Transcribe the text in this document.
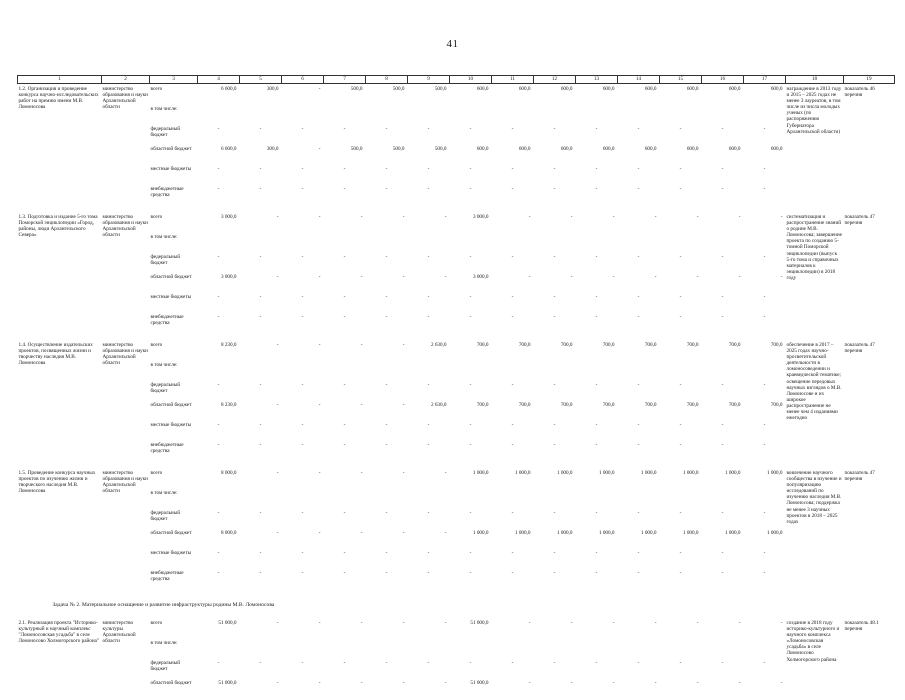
41
1	2	3	4	5	6	7	8	9	10	11	12	13	14	15	16	17	18	19
1.2. Организация и проведение конкурса научно-исследовательских работ на премию имени М.В. Ломоносова	министерство образования и науки Архангельской области	всего	6 600,0	300,0	-	500,0	500,0	500,0	600,0	600,0	600,0	600,0	600,0	600,0	600,0	600,0	награждение в 2013 году и 2015 – 2025 годах не менее 3 лауреатов, в том числе из числа молодых ученых (по распоряжению Губернатора Архангельской области)	показатель 46 перечня
		в том числе:																
		федеральный бюджет	-	-	-	-	-	-	-	-	-	-	-	-	-	-		
		областной бюджет	6 600,0	300,0	-	500,0	500,0	500,0	600,0	600,0	600,0	600,0	600,0	600,0	600,0	600,0		
		местные бюджеты	-	-	-	-	-	-	-	-	-	-	-	-	-	-		
		внебюджетные средства	-	-	-	-	-	-	-	-	-	-	-	-	-	-		
1.3. Подготовка и издание 5-го тома Поморской энциклопедии «Город, районы, люди Архангельского Севера»	министерство образования и науки Архангельской области	всего	3 000,0	-	-	-	-	-	3 000,0	-	-	-	-	-	-	-	систематизация и распространение знаний о родине М.В. Ломоносова; завершение проекта по созданию 5-томной Поморской энциклопедии (выпуск 5-го тома и справочных материалов к энциклопедии) в 2018 году	показатель 47 перечня
		в том числе:																
		федеральный бюджет	-	-	-	-	-	-	-	-	-	-	-	-	-	-		
		областной бюджет	3 000,0	-	-	-	-	-	3 000,0	-	-	-	-	-	-	-		
		местные бюджеты	-	-	-	-	-	-	-	-	-	-	-	-	-	-		
		внебюджетные средства	-	-	-	-	-	-	-	-	-	-	-	-	-	-		
1.4. Осуществление издательских проектов, посвященных жизни и творчеству наследия М.В. Ломоносова	министерство образования и науки Архангельской области	всего	8 230,0	-	-	-	-	2 630,0	700,0	700,0	700,0	700,0	700,0	700,0	700,0	700,0	обеспечение в 2017 – 2025 годах научно-просветительской деятельности в ломоносоведении и краеведческой тематике; освещение передовых научных взглядов о М.В. Ломоносове и их широкое распространение не менее чем 4 изданиями ежегодно	показатель 47 перечня
		в том числе:																
		федеральный бюджет	-	-	-	-	-	-	-	-	-	-	-	-	-	-		
		областной бюджет	8 230,0	-	-	-	-	2 630,0	700,0	700,0	700,0	700,0	700,0	700,0	700,0	700,0		
		местные бюджеты	-	-	-	-	-	-	-	-	-	-	-	-	-	-		
		внебюджетные средства	-	-	-	-	-	-	-	-	-	-	-	-	-	-		
1.5. Проведение конкурса научных проектов по изучению жизни и творческого наследия М.В. Ломоносова	министерство образования и науки Архангельской области	всего	8 000,0	-	-	-	-	-	1 000,0	1 000,0	1 000,0	1 000,0	1 000,0	1 000,0	1 000,0	1 000,0	вовлечение научного сообщества в изучение и популяризацию исследований по изучению наследия М.В. Ломоносова; поддержка не менее 3 научных проектов в 2018 – 2025 годах	показатель 47 перечня
		в том числе:																
		федеральный бюджет	-	-	-	-	-	-	-	-	-	-	-	-	-	-		
		областной бюджет	8 000,0	-	-	-	-	-	1 000,0	1 000,0	1 000,0	1 000,0	1 000,0	1 000,0	1 000,0	1 000,0		
		местные бюджеты	-	-	-	-	-	-	-	-	-	-	-	-	-	-		
		внебюджетные средства	-	-	-	-	-	-	-	-	-	-	-	-	-	-		
Задача № 2. Материальное оснащение и развитие инфраструктуры родины М.В. Ломоносова																		
2.1. Реализация проекта "Историко-культурный и научный комплекс "Ломоносовская усадьба" в селе Ломоносово Холмогорского района"	министерство культуры Архангельской области	всего	51 000,0	-	-	-	-	-	51 000,0	-	-	-	-	-	-	-	создание в 2018 году историко-культурного и научного комплекса «Ломоносовская усадьба» в селе Ломоносово Холмогорского района	показатель 48.1 перечня
		в том числе:																
		федеральный бюджет	-	-	-	-	-	-	-	-	-	-	-	-	-	-		
		областной бюджет	51 000,0	-	-	-	-	-	51 000,0	-	-	-	-	-	-	-		
